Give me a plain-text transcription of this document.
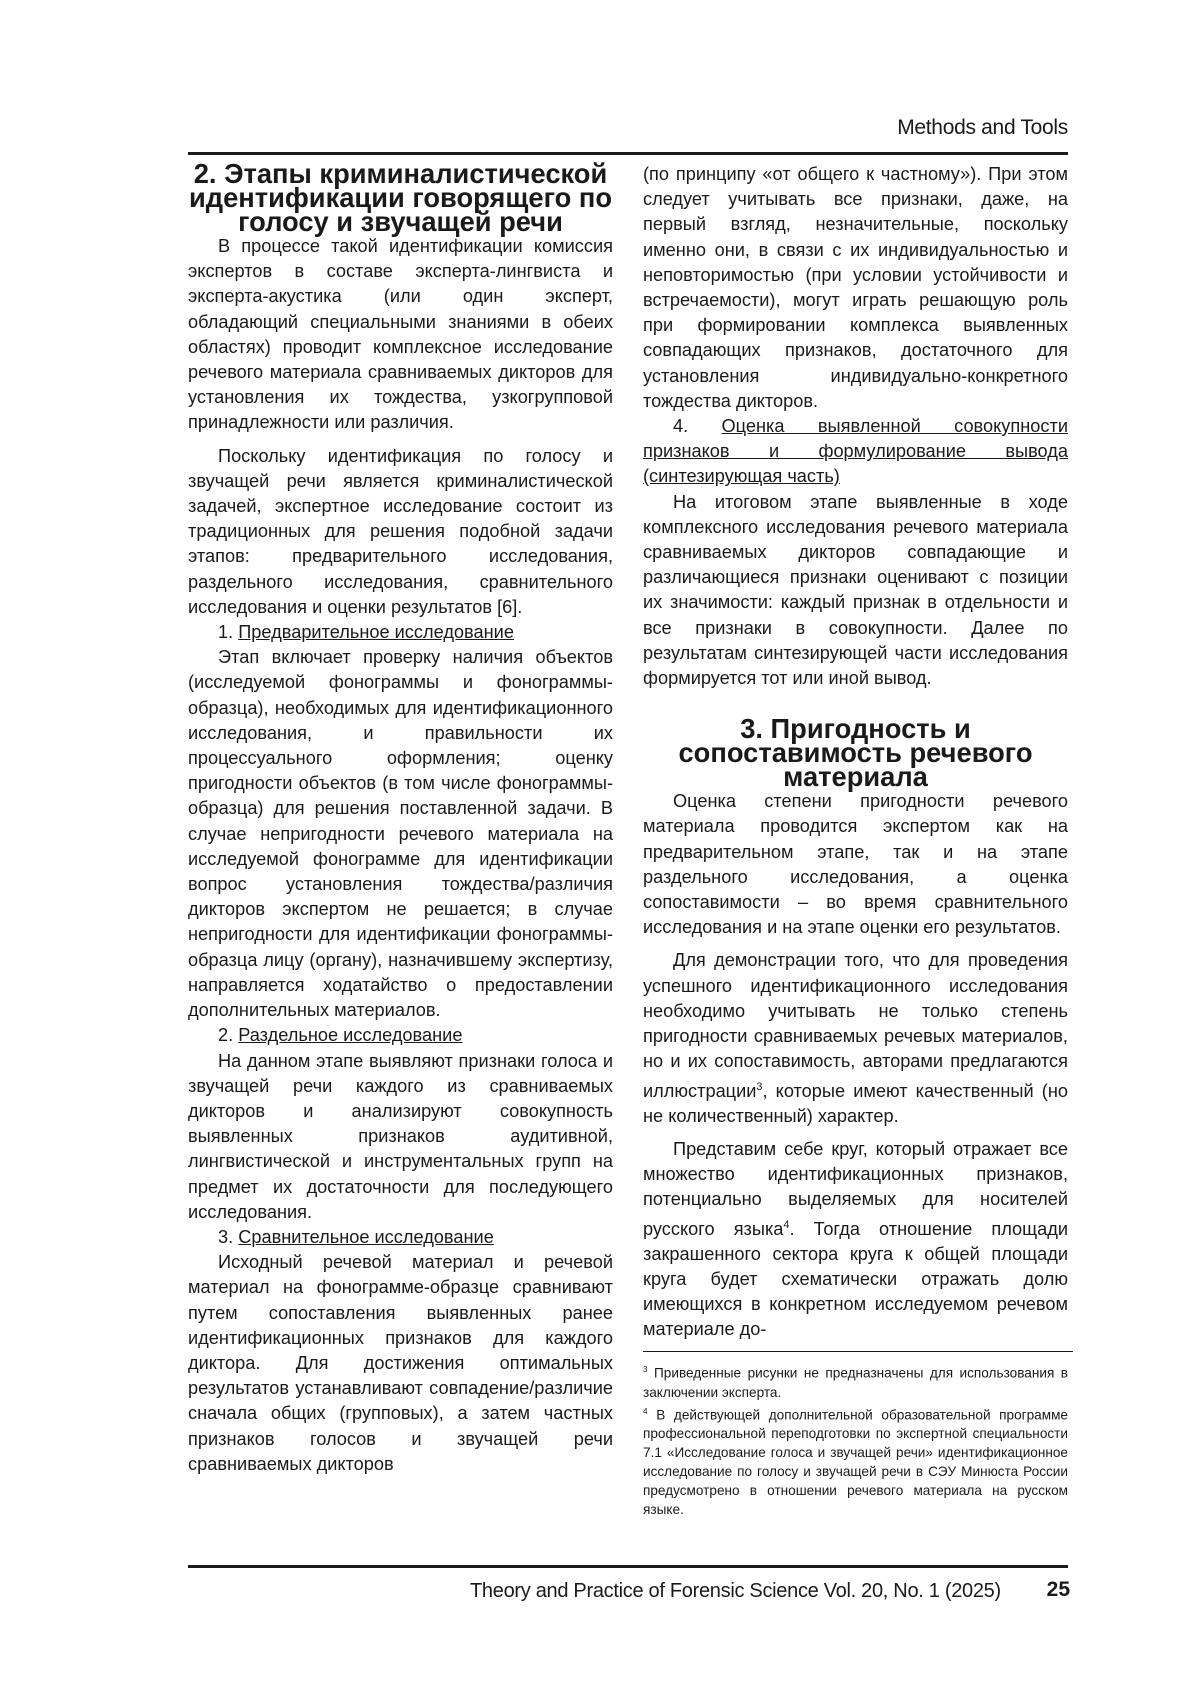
Methods and Tools
2. Этапы криминалистической идентификации говорящего по голосу и звучащей речи

В процессе такой идентификации комиссия экспертов в составе эксперта-лингвиста и эксперта-акустика (или один эксперт, обладающий специальными знаниями в обеих областях) проводит комплексное исследование речевого материала сравниваемых дикторов для установления их тождества, узкогрупповой принадлежности или различия.

Поскольку идентификация по голосу и звучащей речи является криминалистической задачей, экспертное исследование состоит из традиционных для решения подобной задачи этапов: предварительного исследования, раздельного исследования, сравнительного исследования и оценки результатов [6].

1. Предварительное исследование

Этап включает проверку наличия объектов (исследуемой фонограммы и фонограммы-образца), необходимых для идентификационного исследования, и правильности их процессуального оформления; оценку пригодности объектов (в том числе фонограммы-образца) для решения поставленной задачи. В случае непригодности речевого материала на исследуемой фонограмме для идентификации вопрос установления тождества/различия дикторов экспертом не решается; в случае непригодности для идентификации фонограммы-образца лицу (органу), назначившему экспертизу, направляется ходатайство о предоставлении дополнительных материалов.

2. Раздельное исследование

На данном этапе выявляют признаки голоса и звучащей речи каждого из сравниваемых дикторов и анализируют совокупность выявленных признаков аудитивной, лингвистической и инструментальных групп на предмет их достаточности для последующего исследования.

3. Сравнительное исследование

Исходный речевой материал и речевой материал на фонограмме-образце сравнивают путем сопоставления выявленных ранее идентификационных признаков для каждого диктора. Для достижения оптимальных результатов устанавливают совпадение/различие сначала общих (групповых), а затем частных признаков голосов и звучащей речи сравниваемых дикторов

(по принципу «от общего к частному»). При этом следует учитывать все признаки, даже, на первый взгляд, незначительные, поскольку именно они, в связи с их индивидуальностью и неповторимостью (при условии устойчивости и встречаемости), могут играть решающую роль при формировании комплекса выявленных совпадающих признаков, достаточного для установления индивидуально-конкретного тождества дикторов.

4. Оценка выявленной совокупности признаков и формулирование вывода (синтезирующая часть)

На итоговом этапе выявленные в ходе комплексного исследования речевого материала сравниваемых дикторов совпадающие и различающиеся признаки оценивают с позиции их значимости: каждый признак в отдельности и все признаки в совокупности. Далее по результатам синтезирующей части исследования формируется тот или иной вывод.

3. Пригодность и сопоставимость речевого материала

Оценка степени пригодности речевого материала проводится экспертом как на предварительном этапе, так и на этапе раздельного исследования, а оценка сопоставимости – во время сравнительного исследования и на этапе оценки его результатов.

Для демонстрации того, что для проведения успешного идентификационного исследования необходимо учитывать не только степень пригодности сравниваемых речевых материалов, но и их сопоставимость, авторами предлагаются иллюстрации$^3$, которые имеют качественный (но не количественный) характер.

Представим себе круг, который отражает все множество идентификационных признаков, потенциально выделяемых для носителей русского языка$^4$. Тогда отношение площади закрашенного сектора круга к общей площади круга будет схематически отражать долю имеющихся в конкретном исследуемом речевом материале до-

$^3$ Приведенные рисунки не предназначены для использования в заключении эксперта.

$^4$ В действующей дополнительной образовательной программе профессиональной переподготовки по экспертной специальности 7.1 «Исследование голоса и звучащей речи» идентификационное исследование по голосу и звучащей речи в СЭУ Минюста России предусмотрено в отношении речевого материала на русском языке.

Theory and Practice of Forensic Science Vol. 20, No. 1 (2025) 25
